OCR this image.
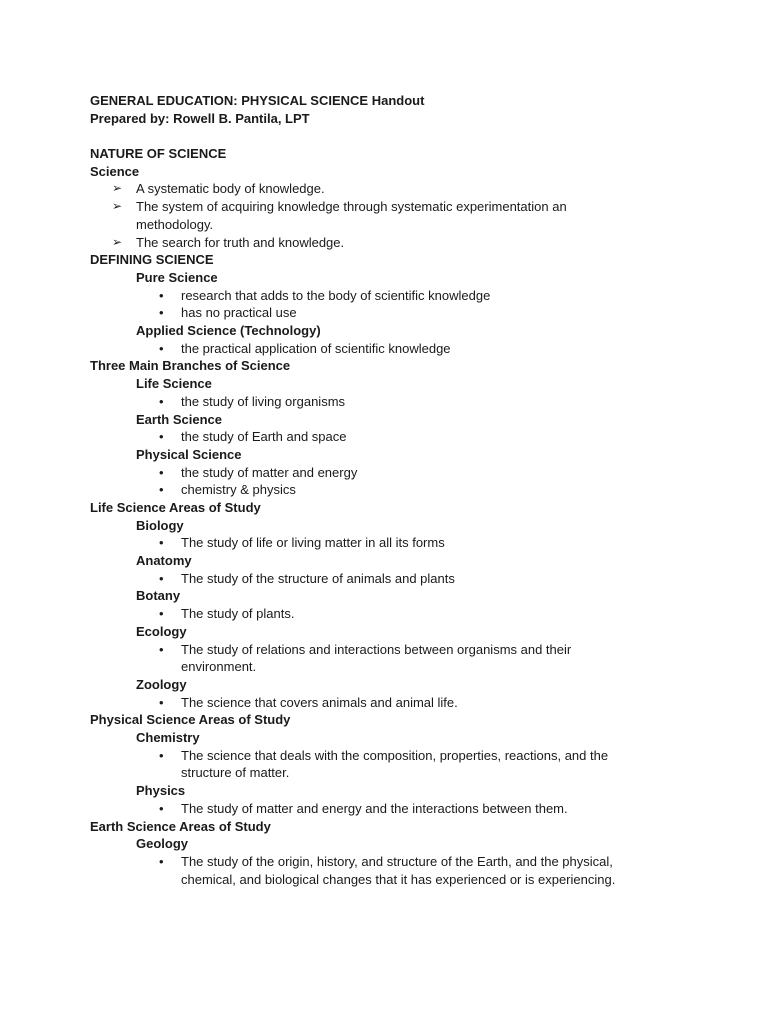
GENERAL EDUCATION: PHYSICAL SCIENCE Handout
Prepared by: Rowell B. Pantila, LPT
NATURE OF SCIENCE
Science
➢ A systematic body of knowledge.
➢ The system of acquiring knowledge through systematic experimentation an
methodology.
➢ The search for truth and knowledge.
DEFINING SCIENCE
Pure Science
• research that adds to the body of scientific knowledge
• has no practical use
Applied Science (Technology)
• the practical application of scientific knowledge
Three Main Branches of Science
Life Science
• the study of living organisms
Earth Science
• the study of Earth and space
Physical Science
• the study of matter and energy
• chemistry & physics
Life Science Areas of Study
Biology
• The study of life or living matter in all its forms
Anatomy
• The study of the structure of animals and plants
Botany
• The study of plants.
Ecology
• The study of relations and interactions between organisms and their
environment.
Zoology
• The science that covers animals and animal life.
Physical Science Areas of Study
Chemistry
• The science that deals with the composition, properties, reactions, and the
structure of matter.
Physics
• The study of matter and energy and the interactions between them.
Earth Science Areas of Study
Geology
• The study of the origin, history, and structure of the Earth, and the physical,
chemical, and biological changes that it has experienced or is experiencing.
